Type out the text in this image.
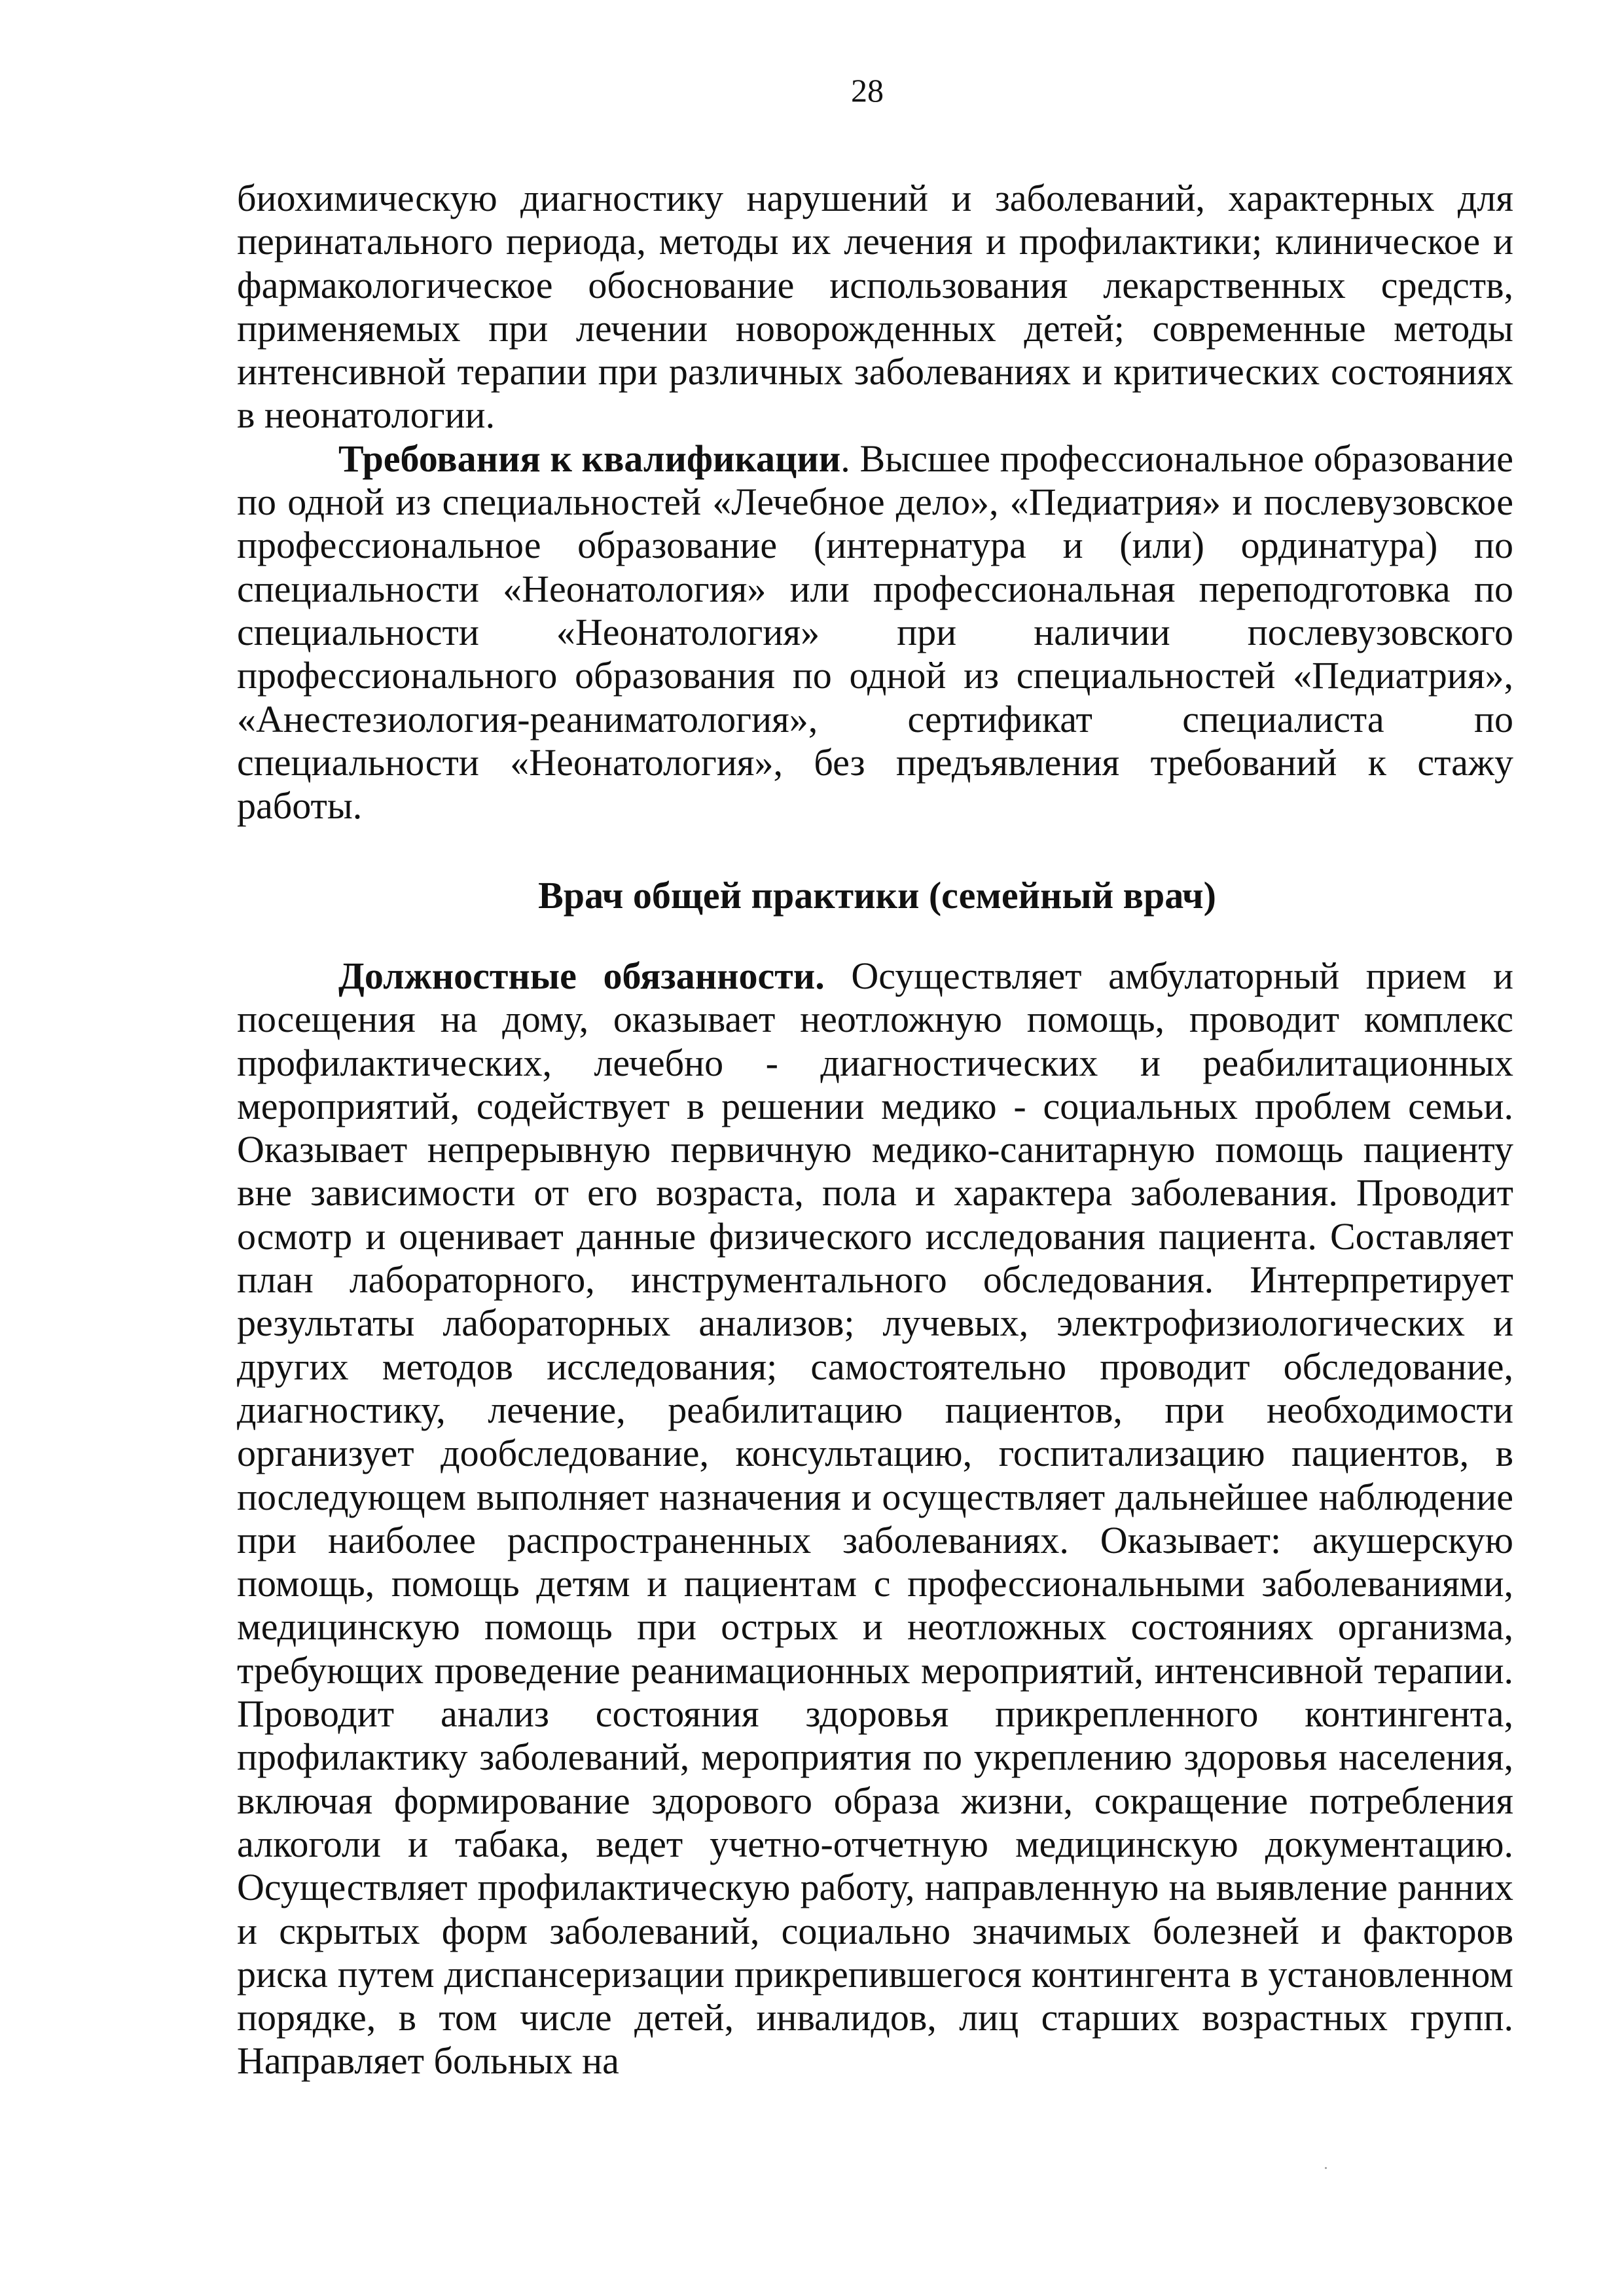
28

биохимическую диагностику нарушений и заболеваний, характерных для перинатального периода, методы их лечения и профилактики; клиническое и фармакологическое обоснование использования лекарственных средств, применяемых при лечении новорожденных детей; современные методы интенсивной терапии при различных заболеваниях и критических состояниях в неонатологии.

Требования к квалификации. Высшее профессиональное образование по одной из специальностей «Лечебное дело», «Педиатрия» и послевузовское профессиональное образование (интернатура и (или) ординатура) по специальности «Неонатология» или профессиональная переподготовка по специальности «Неонатология» при наличии послевузовского профессионального образования по одной из специальностей «Педиатрия», «Анестезиология-реаниматология», сертификат специалиста по специальности «Неонатология», без предъявления требований к стажу работы.

Врач общей практики (семейный врач)

Должностные обязанности. Осуществляет амбулаторный прием и посещения на дому, оказывает неотложную помощь, проводит комплекс профилактических, лечебно - диагностических и реабилитационных мероприятий, содействует в решении медико - социальных проблем семьи. Оказывает непрерывную первичную медико-санитарную помощь пациенту вне зависимости от его возраста, пола и характера заболевания. Проводит осмотр и оценивает данные физического исследования пациента. Составляет план лабораторного, инструментального обследования. Интерпретирует результаты лабораторных анализов; лучевых, электрофизиологических и других методов исследования; самостоятельно проводит обследование, диагностику, лечение, реабилитацию пациентов, при необходимости организует дообследование, консультацию, госпитализацию пациентов, в последующем выполняет назначения и осуществляет дальнейшее наблюдение при наиболее распространенных заболеваниях. Оказывает: акушерскую помощь, помощь детям и пациентам с профессиональными заболеваниями, медицинскую помощь при острых и неотложных состояниях организма, требующих проведение реанимационных мероприятий, интенсивной терапии. Проводит анализ состояния здоровья прикрепленного контингента, профилактику заболеваний, мероприятия по укреплению здоровья населения, включая формирование здорового образа жизни, сокращение потребления алкоголи и табака, ведет учетно-отчетную медицинскую документацию. Осуществляет профилактическую работу, направленную на выявление ранних и скрытых форм заболеваний, социально значимых болезней и факторов риска путем диспансеризации прикрепившегося контингента в установленном порядке, в том числе детей, инвалидов, лиц старших возрастных групп. Направляет больных на
